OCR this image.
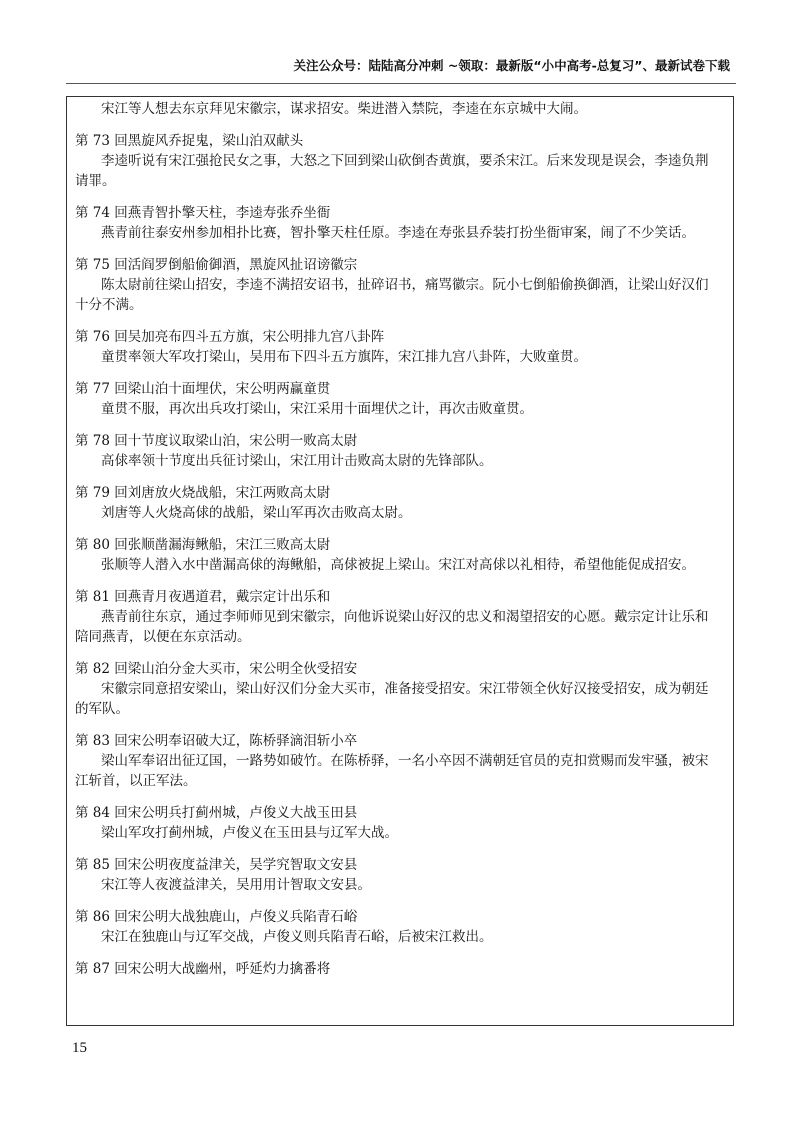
关注公众号：陆陆高分冲刺 ~领取：最新版“小中高考-总复习”、最新试卷下载
宋江等人想去东京拜见宋徽宗，谋求招安。柴进潜入禁院，李逵在东京城中大闹。
第 73 回黑旋风乔捉鬼，梁山泊双献头
李逵听说有宋江强抢民女之事，大怒之下回到梁山砍倒杏黄旗，要杀宋江。后来发现是误会，李逵负荆请罪。
第 74 回燕青智扑擎天柱，李逵寿张乔坐衙
燕青前往泰安州参加相扑比赛，智扑擎天柱任原。李逵在寿张县乔装打扮坐衙审案，闹了不少笑话。
第 75 回活阎罗倒船偷御酒，黑旋风扯诏谤徽宗
陈太尉前往梁山招安，李逵不满招安诏书，扯碎诏书，痛骂徽宗。阮小七倒船偷换御酒，让梁山好汉们十分不满。
第 76 回吴加亮布四斗五方旗，宋公明排九宫八卦阵
童贯率领大军攻打梁山，吴用布下四斗五方旗阵，宋江排九宫八卦阵，大败童贯。
第 77 回梁山泊十面埋伏，宋公明两赢童贯
童贯不服，再次出兵攻打梁山，宋江采用十面埋伏之计，再次击败童贯。
第 78 回十节度议取梁山泊，宋公明一败高太尉
高俅率领十节度出兵征讨梁山，宋江用计击败高太尉的先锋部队。
第 79 回刘唐放火烧战船，宋江两败高太尉
刘唐等人火烧高俅的战船，梁山军再次击败高太尉。
第 80 回张顺凿漏海鳅船，宋江三败高太尉
张顺等人潜入水中凿漏高俅的海鳅船，高俅被捉上梁山。宋江对高俅以礼相待，希望他能促成招安。
第 81 回燕青月夜遇道君，戴宗定计出乐和
燕青前往东京，通过李师师见到宋徽宗，向他诉说梁山好汉的忠义和渴望招安的心愿。戴宗定计让乐和陪同燕青，以便在东京活动。
第 82 回梁山泊分金大买市，宋公明全伙受招安
宋徽宗同意招安梁山，梁山好汉们分金大买市，准备接受招安。宋江带领全伙好汉接受招安，成为朝廷的军队。
第 83 回宋公明奉诏破大辽，陈桥驿滴泪斩小卒
梁山军奉诏出征辽国，一路势如破竹。在陈桥驿，一名小卒因不满朝廷官员的克扣赏赐而发牢骚，被宋江斩首，以正军法。
第 84 回宋公明兵打蓟州城，卢俊义大战玉田县
梁山军攻打蓟州城，卢俊义在玉田县与辽军大战。
第 85 回宋公明夜度益津关，吴学究智取文安县
宋江等人夜渡益津关，吴用用计智取文安县。
第 86 回宋公明大战独鹿山，卢俊义兵陷青石峪
宋江在独鹿山与辽军交战，卢俊义则兵陷青石峪，后被宋江救出。
第 87 回宋公明大战幽州，呼延灼力擒番将
15
